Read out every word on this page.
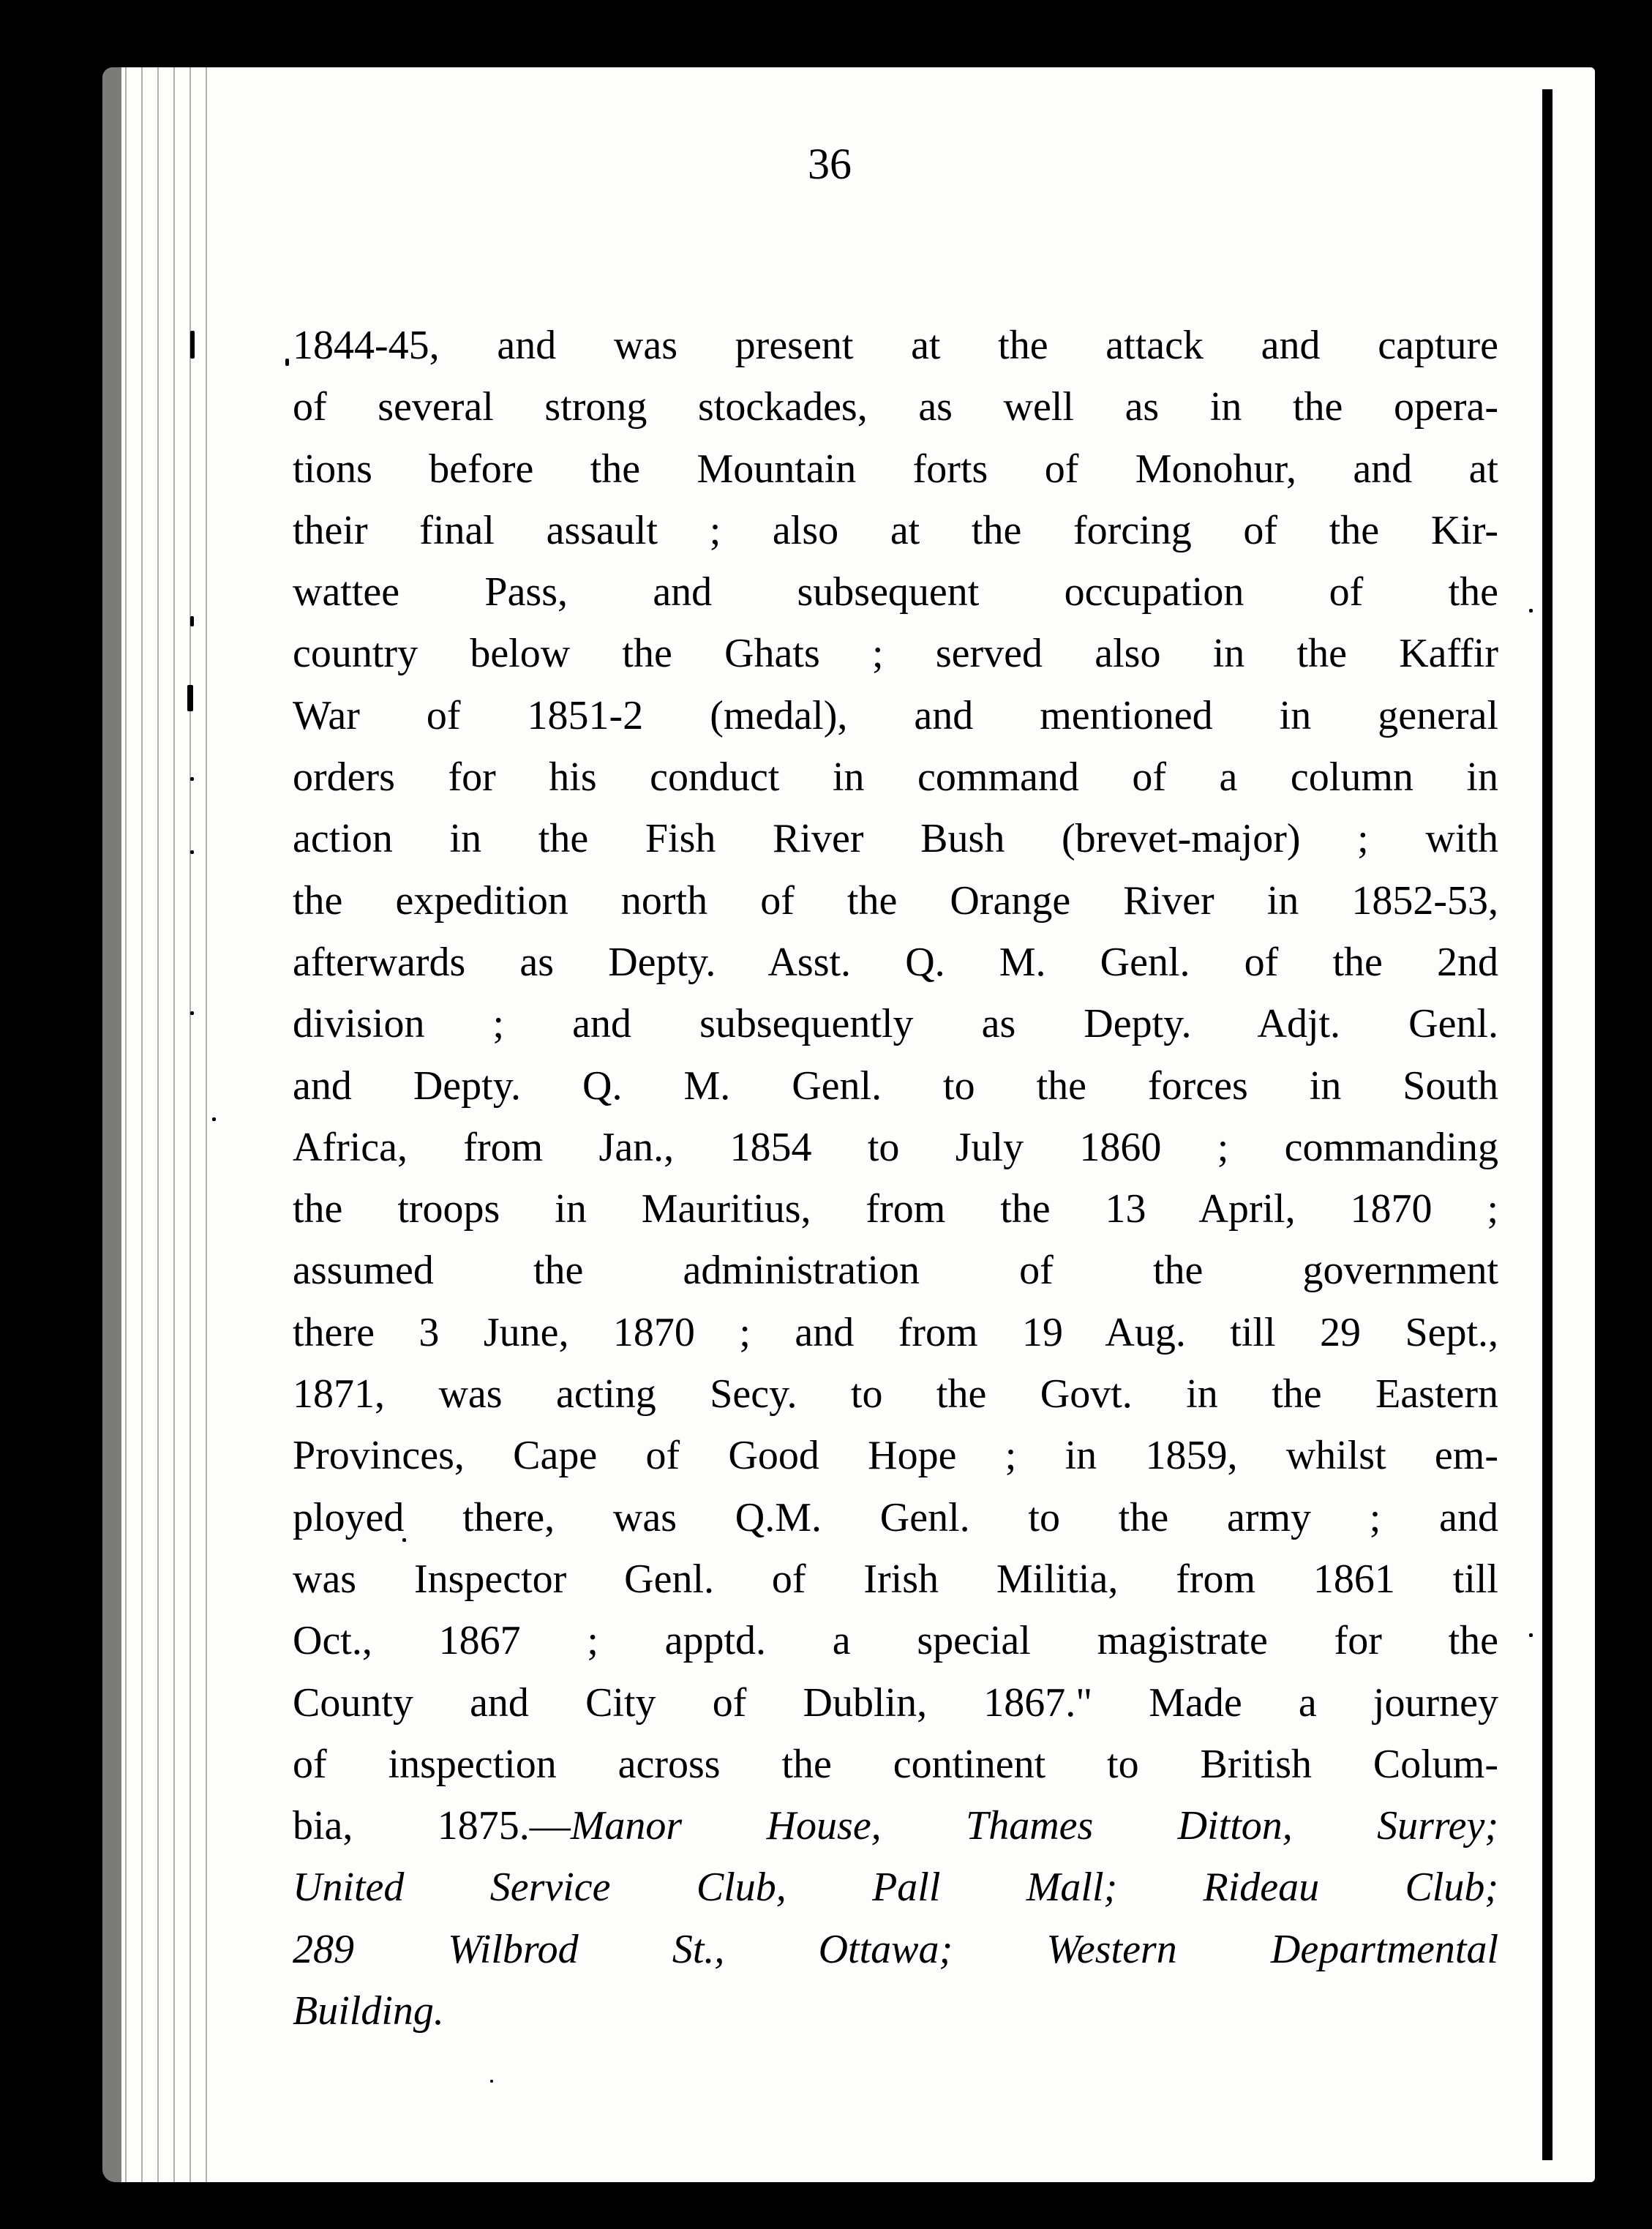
36
1844-45, and was present at the attack and capture
of several strong stockades, as well as in the opera-
tions before the Mountain forts of Monohur, and at
their final assault ; also at the forcing of the Kir-
wattee Pass, and subsequent occupation of the
country below the Ghats ; served also in the Kaffir
War of 1851-2 (medal), and mentioned in general
orders for his conduct in command of a column in
action in the Fish River Bush (brevet-major) ; with
the expedition north of the Orange River in 1852-53,
afterwards as Depty. Asst. Q. M. Genl. of the 2nd
division ; and subsequently as Depty. Adjt. Genl.
and Depty. Q. M. Genl. to the forces in South
Africa, from Jan., 1854 to July 1860 ; commanding
the troops in Mauritius, from the 13 April, 1870 ;
assumed the administration of the government
there 3 June, 1870 ; and from 19 Aug. till 29 Sept.,
1871, was acting Secy. to the Govt. in the Eastern
Provinces, Cape of Good Hope ; in 1859, whilst em-
ployed there, was Q.M. Genl. to the army ; and
was Inspector Genl. of Irish Militia, from 1861 till
Oct., 1867 ; apptd. a special magistrate for the
County and City of Dublin, 1867." Made a journey
of inspection across the continent to British Colum-
bia, 1875.—Manor House, Thames Ditton, Surrey;
United Service Club, Pall Mall; Rideau Club;
289 Wilbrod St., Ottawa; Western Departmental
Building.
